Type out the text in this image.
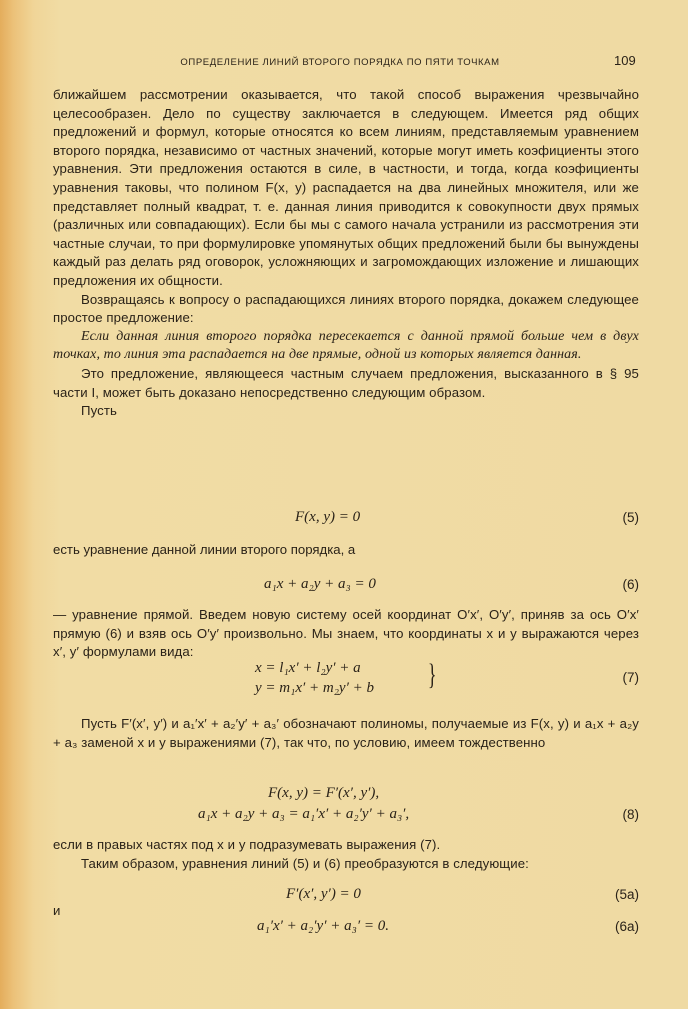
ОПРЕДЕЛЕНИЕ ЛИНИЙ ВТОРОГО ПОРЯДКА ПО ПЯТИ ТОЧКАМ	109

ближайшем рассмотрении оказывается, что такой способ выражения чрезвычайно целесообразен. Дело по существу заключается в следующем. Имеется ряд общих предложений и формул, которые относятся ко всем линиям, представляемым уравнением второго порядка, независимо от частных значений, которые могут иметь коэфициенты этого уравнения. Эти предложения остаются в силе, в частности, и тогда, когда коэфициенты уравнения таковы, что полином F(x, y) распадается на два линейных множителя, или же представляет полный квадрат, т. е. данная линия приводится к совокупности двух прямых (различных или совпадающих). Если бы мы с самого начала устранили из рассмотрения эти частные случаи, то при формулировке упомянутых общих предложений были бы вынуждены каждый раз делать ряд оговорок, усложняющих и загромождающих изложение и лишающих предложения их общности.

Возвращаясь к вопросу о распадающихся линиях второго порядка, докажем следующее простое предложение:

Если данная линия второго порядка пересекается с данной прямой больше чем в двух точках, то линия эта распадается на две прямые, одной из которых является данная.

Это предложение, являющееся частным случаем предложения, высказанного в § 95 части I, может быть доказано непосредственно следующим образом.

Пусть

F(x, y) = 0	(5)
есть уравнение данной линии второго порядка, а
a₁x + a₂y + a₃ = 0	(6)

— уравнение прямой. Введем новую систему осей координат O′x′, O′y′, приняв за ось O′x′ прямую (6) и взяв ось O′y′ произвольно. Мы знаем, что координаты x и y выражаются через x′, y′ формулами вида:

x = l₁x′ + l₂y′ + a
y = m₁x′ + m₂y′ + b }	(7)

Пусть F′(x′, y′) и a₁′x′ + a₂′y′ + a₃′ обозначают полиномы, получаемые из F(x, y) и a₁x + a₂y + a₃ заменой x и y выражениями (7), так что, по условию, имеем тождественно

F(x, y) = F′(x′, y′),
a₁x + a₂y + a₃ = a₁′x′ + a₂′y′ + a₃′,	(8)

если в правых частях под x и y подразумевать выражения (7).

Таким образом, уравнения линий (5) и (6) преобразуются в следующие:

F′(x′, y′) = 0	(5a)
и
a₁′x′ + a₂′y′ + a₃′ = 0.	(6a)
